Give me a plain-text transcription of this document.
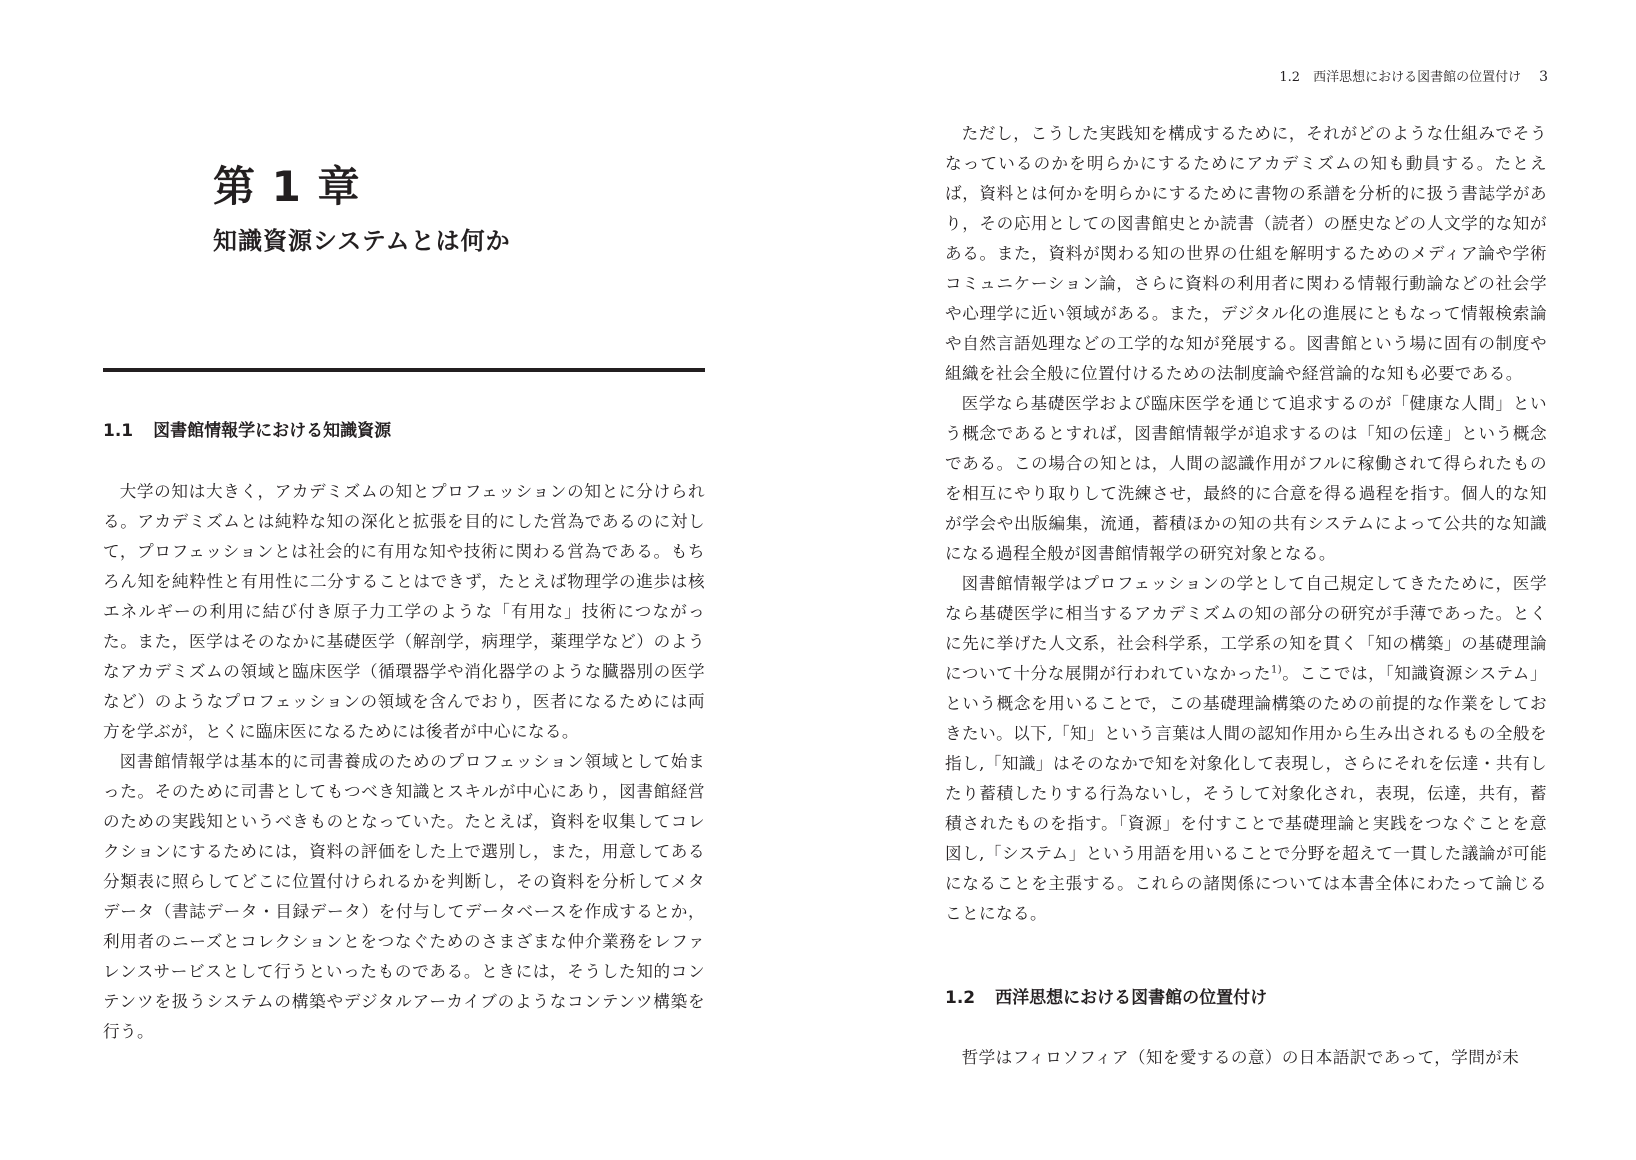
第 1 章
知識資源システムとは何か
1.1 図書館情報学における知識資源

大学の知は大きく，アカデミズムの知とプロフェッションの知とに分けられる。アカデミズムとは純粋な知の深化と拡張を目的にした営為であるのに対して，プロフェッションとは社会的に有用な知や技術に関わる営為である。もちろん知を純粋性と有用性に二分することはできず，たとえば物理学の進歩は核エネルギーの利用に結び付き原子力工学のような「有用な」技術につながった。また，医学はそのなかに基礎医学（解剖学，病理学，薬理学など）のようなアカデミズムの領域と臨床医学（循環器学や消化器学のような臓器別の医学など）のようなプロフェッションの領域を含んでおり，医者になるためには両方を学ぶが，とくに臨床医になるためには後者が中心になる。

図書館情報学は基本的に司書養成のためのプロフェッション領域として始まった。そのために司書としてもつべき知識とスキルが中心にあり，図書館経営のための実践知というべきものとなっていた。たとえば，資料を収集してコレクションにするためには，資料の評価をした上で選別し，また，用意してある分類表に照らしてどこに位置付けられるかを判断し，その資料を分析してメタデータ（書誌データ・目録データ）を付与してデータベースを作成するとか，利用者のニーズとコレクションとをつなぐためのさまざまな仲介業務をレファレンスサービスとして行うといったものである。ときには，そうした知的コンテンツを扱うシステムの構築やデジタルアーカイブのようなコンテンツ構築を行う。

1.2　西洋思想における図書館の位置付け 3

ただし，こうした実践知を構成するために，それがどのような仕組みでそうなっているのかを明らかにするためにアカデミズムの知も動員する。たとえば，資料とは何かを明らかにするために書物の系譜を分析的に扱う書誌学があり，その応用としての図書館史とか読書（読者）の歴史などの人文学的な知がある。また，資料が関わる知の世界の仕組を解明するためのメディア論や学術コミュニケーション論，さらに資料の利用者に関わる情報行動論などの社会学や心理学に近い領域がある。また，デジタル化の進展にともなって情報検索論や自然言語処理などの工学的な知が発展する。図書館という場に固有の制度や組織を社会全般に位置付けるための法制度論や経営論的な知も必要である。

医学なら基礎医学および臨床医学を通じて追求するのが「健康な人間」という概念であるとすれば，図書館情報学が追求するのは「知の伝達」という概念である。この場合の知とは，人間の認識作用がフルに稼働されて得られたものを相互にやり取りして洗練させ，最終的に合意を得る過程を指す。個人的な知が学会や出版編集，流通，蓄積ほかの知の共有システムによって公共的な知識になる過程全般が図書館情報学の研究対象となる。

図書館情報学はプロフェッションの学として自己規定してきたために，医学なら基礎医学に相当するアカデミズムの知の部分の研究が手薄であった。とくに先に挙げた人文系，社会科学系，工学系の知を貫く「知の構築」の基礎理論について十分な展開が行われていなかった$^{1)}$。ここでは，「知識資源システム」という概念を用いることで，この基礎理論構築のための前提的な作業をしておきたい。以下,「知」という言葉は人間の認知作用から生み出されるもの全般を指し,「知識」はそのなかで知を対象化して表現し，さらにそれを伝達・共有したり蓄積したりする行為ないし，そうして対象化され，表現，伝達，共有，蓄積されたものを指す。「資源」を付すことで基礎理論と実践をつなぐことを意図し,「システム」という用語を用いることで分野を超えて一貫した議論が可能になることを主張する。これらの諸関係については本書全体にわたって論じることになる。

1.2 西洋思想における図書館の位置付け

哲学はフィロソフィア（知を愛するの意）の日本語訳であって，学問が未
